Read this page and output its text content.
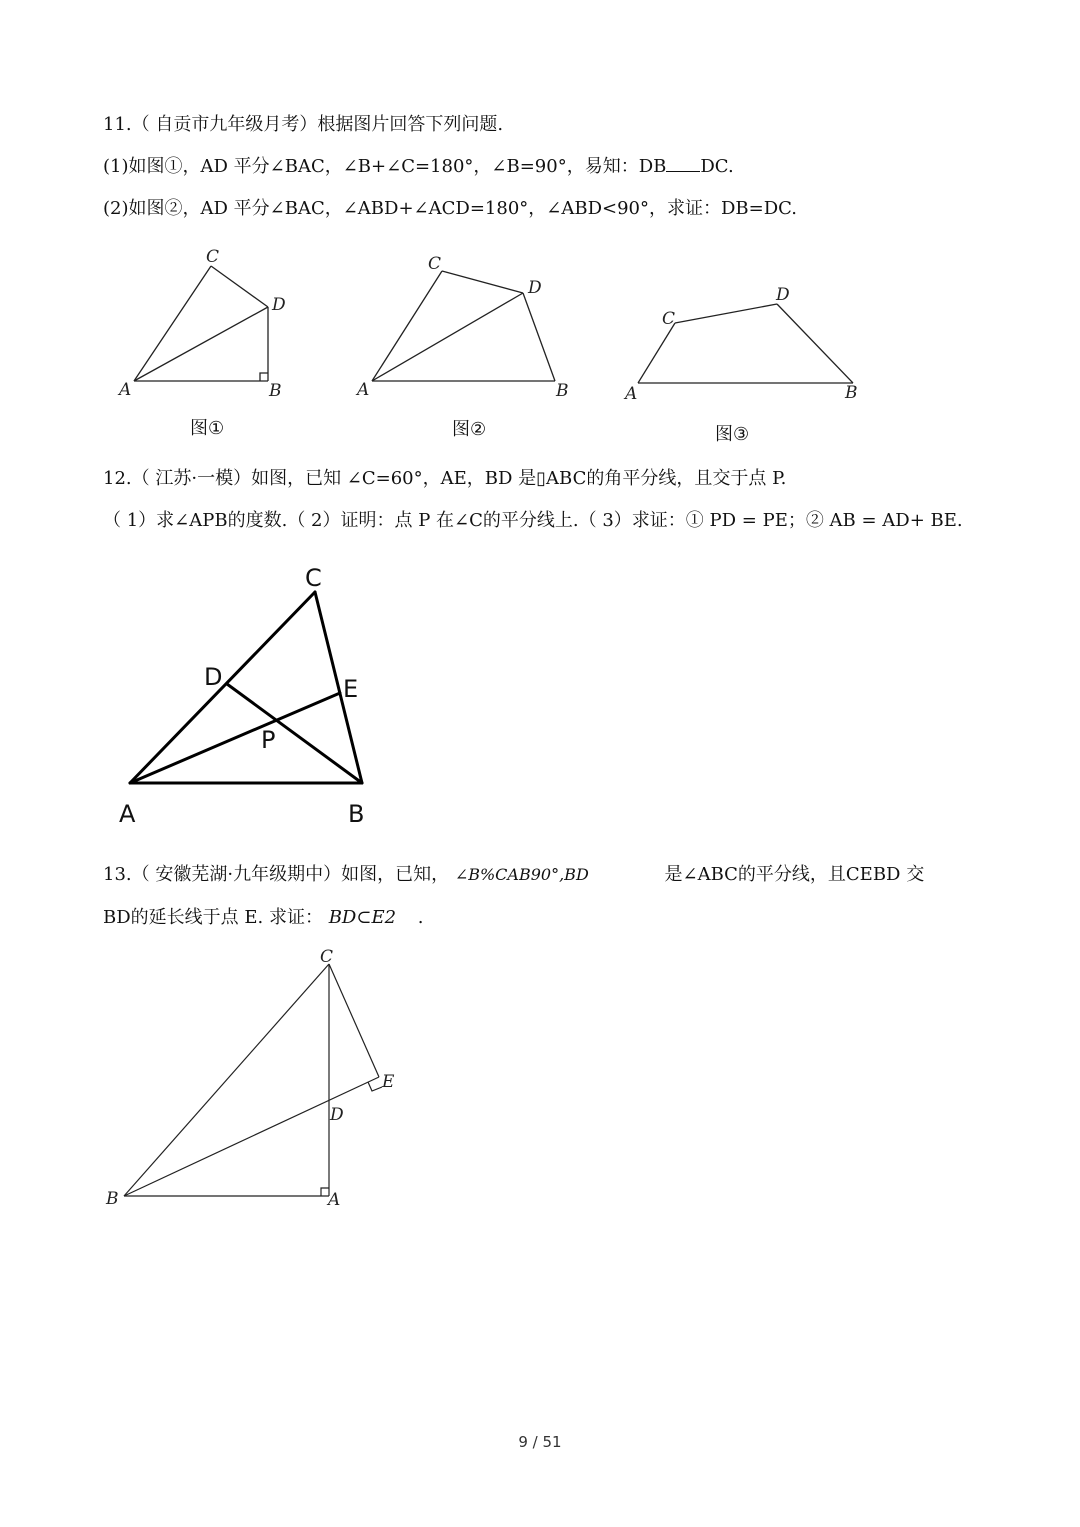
11.（ 自贡市九年级月考）根据图片回答下列问题.
(1)如图①，AD 平分∠BAC，∠B+∠C=180°，∠B=90°，易知：DB DC.
(2)如图②，AD 平分∠BAC，∠ABD+∠ACD=180°，∠ABD<90°，求证：DB=DC.
A	B
C
D
图①
A	B
C
D
图②
A	B
C
D
图③
12.（ 江苏·一模）如图，已知 ∠C=60°，AE，BD 是▯ABC的角平分线，且交于点 P.
（ 1）求∠APB的度数.（ 2）证明：点 P 在∠C的平分线上.（ 3）求证：① PD = PE；② AB = AD+ BE.
A	B
C
D	E
P
13.（ 安徽芜湖·九年级期中）如图，已知， ∠B%CAB90°,BD	是∠ABC的平分线，且CEBD 交
BD的延长线于点 E. 求证： BD⊂E2 .
B	A
C
D
E
9 / 51
